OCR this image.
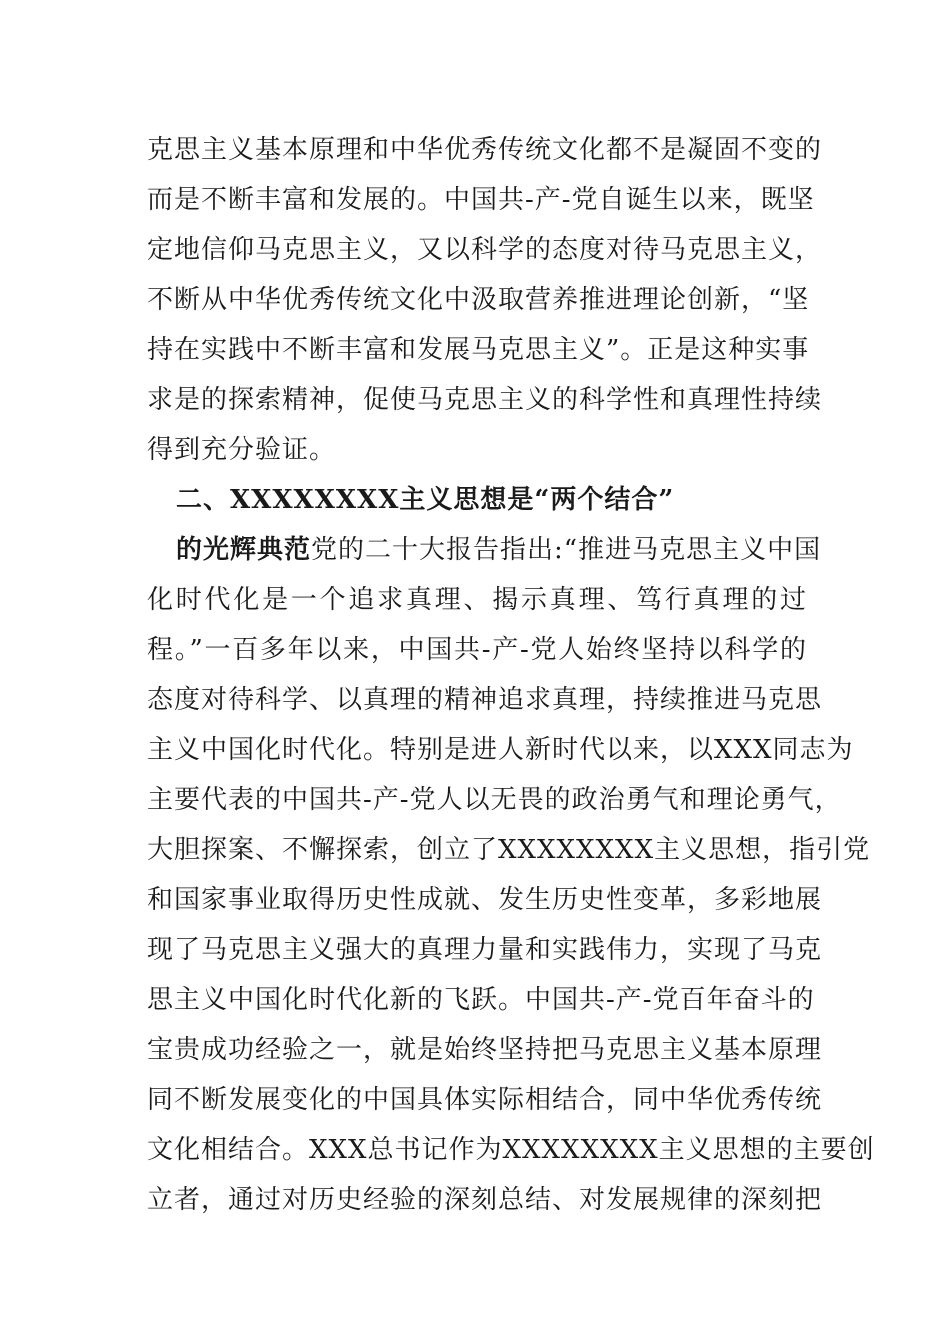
克思主义基本原理和中华优秀传统文化都不是凝固不变的
而是不断丰富和发展的。中国共-产-党自诞生以来，既坚
定地信仰马克思主义，又以科学的态度对待马克思主义，
不断从中华优秀传统文化中汲取营养推进理论创新，“坚
持在实践中不断丰富和发展马克思主义”。正是这种实事
求是的探索精神，促使马克思主义的科学性和真理性持续
得到充分验证。
二、XXXXXXXX主义思想是“两个结合”
的光辉典范党的二十大报告指出:“推进马克思主义中国
化时代化是一个追求真理、揭示真理、笃行真理的过
程。”一百多年以来，中国共-产-党人始终坚持以科学的
态度对待科学、以真理的精神追求真理，持续推进马克思
主义中国化时代化。特别是进人新时代以来，以XXX同志为
主要代表的中国共-产-党人以无畏的政治勇气和理论勇气，
大胆探案、不懈探索，创立了XXXXXXXX主义思想，指引党
和国家事业取得历史性成就、发生历史性变革，多彩地展
现了马克思主义强大的真理力量和实践伟力，实现了马克
思主义中国化时代化新的飞跃。中国共-产-党百年奋斗的
宝贵成功经验之一，就是始终坚持把马克思主义基本原理
同不断发展变化的中国具体实际相结合，同中华优秀传统
文化相结合。XXX总书记作为XXXXXXXX主义思想的主要创
立者，通过对历史经验的深刻总结、对发展规律的深刻把
